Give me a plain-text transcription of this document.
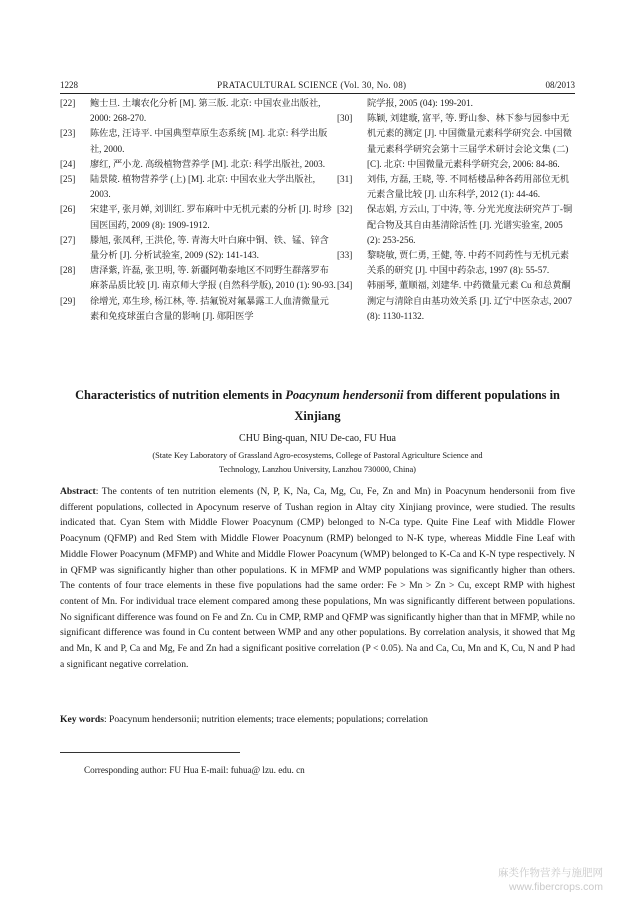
1228	PRATACULTURAL SCIENCE (Vol. 30, No. 08)	08/2013

[22]	鲍士旦. 土壤农化分析 [M]. 第三版. 北京: 中国农业出版社, 2000: 268-270.

[23]	陈佐忠, 汪诗平. 中国典型草原生态系统 [M]. 北京: 科学出版社, 2000.

[24]	廖红, 严小龙. 高级植物营养学 [M]. 北京: 科学出版社, 2003.

[25]	陆景陵. 植物营养学 (上) [M]. 北京: 中国农业大学出版社, 2003.

[26]	宋建平, 张月婵, 刘训红. 罗布麻叶中无机元素的分析 [J]. 时珍国医国药, 2009 (8): 1909-1912.

[27]	滕旭, 张凤秤, 王洪伦, 等. 青海大叶白麻中铜、铁、锰、锌含量分析 [J]. 分析试验室, 2009 (S2): 141-143.

[28]	唐泽紫, 许磊, 张卫明, 等. 新疆阿勒泰地区不同野生群落罗布麻茶品质比较 [J]. 南京师大学报 (自然科学版), 2010 (1): 90-93.

[29]	徐增光, 邓生珍, 杨江林, 等. 拮氟锐对氟暴露工人血清微量元素和免疫球蛋白含量的影响 [J]. 郧阳医学

院学报, 2005 (04): 199-201.

[30]	陈颖, 刘建璇, 富平, 等. 野山参、林下参与园参中无机元素的测定 [J]. 中国微量元素科学研究会. 中国微量元素科学研究会第十三届学术研讨会论文集 (二) [C]. 北京: 中国微量元素科学研究会, 2006: 84-86.

[31]	刘伟, 方磊, 王晓, 等. 不同栝楼品种各药用部位无机元素含量比较 [J]. 山东科学, 2012 (1): 44-46.

[32]	保志娟, 方云山, 丁中涛, 等. 分光光度法研究芦丁-铜配合物及其自由基清除活性 [J]. 光谱实验室, 2005 (2): 253-256.

[33]	黎晓敏, 贾仁勇, 王健, 等. 中药不同药性与无机元素关系的研究 [J]. 中国中药杂志, 1997 (8): 55-57.

[34]	韩丽琴, 董顺福, 刘建华. 中药微量元素 Cu 和总黄酮测定与清除自由基功效关系 [J]. 辽宁中医杂志, 2007 (8): 1130-1132.

Characteristics of nutrition elements in Poacynum hendersonii from different populations in Xinjiang
CHU Bing-quan, NIU De-cao, FU Hua
(State Key Laboratory of Grassland Agro-ecosystems, College of Pastoral Agriculture Science and
Technology, Lanzhou University, Lanzhou 730000, China)
Abstract: The contents of ten nutrition elements (N, P, K, Na, Ca, Mg, Cu, Fe, Zn and Mn) in Poacynum hendersonii from five different populations, collected in Apocynum reserve of Tushan region in Altay city Xinjiang province, were studied. The results indicated that. Cyan Stem with Middle Flower Poacynum (CMP) belonged to N-Ca type. Quite Fine Leaf with Middle Flower Poacynum (QFMP) and Red Stem with Middle Flower Poacynum (RMP) belonged to N-K type, whereas Middle Fine Leaf with Middle Flower Poacynum (MFMP) and White and Middle Flower Poacynum (WMP) belonged to K-Ca and K-N type respectively. N in QFMP was significantly higher than other populations. K in MFMP and WMP populations was significantly higher than others. The contents of four trace elements in these five populations had the same order: Fe > Mn > Zn > Cu, except RMP with highest content of Mn. For individual trace element compared among these populations, Mn was significantly different between populations. No significant difference was found on Fe and Zn. Cu in CMP, RMP and QFMP was significantly higher than that in MFMP, while no significant difference was found in Cu content between WMP and any other populations. By correlation analysis, it showed that Mg and Mn, K and P, Ca and Mg, Fe and Zn had a significant positive correlation (P < 0.05). Na and Ca, Cu, Mn and K, Cu, N and P had a significant negative correlation.
Key words: Poacynum hendersonii; nutrition elements; trace elements; populations; correlation
Corresponding author: FU Hua E-mail: fuhua@ lzu. edu. cn
麻类作物营养与施肥网
www.fibercrops.com
